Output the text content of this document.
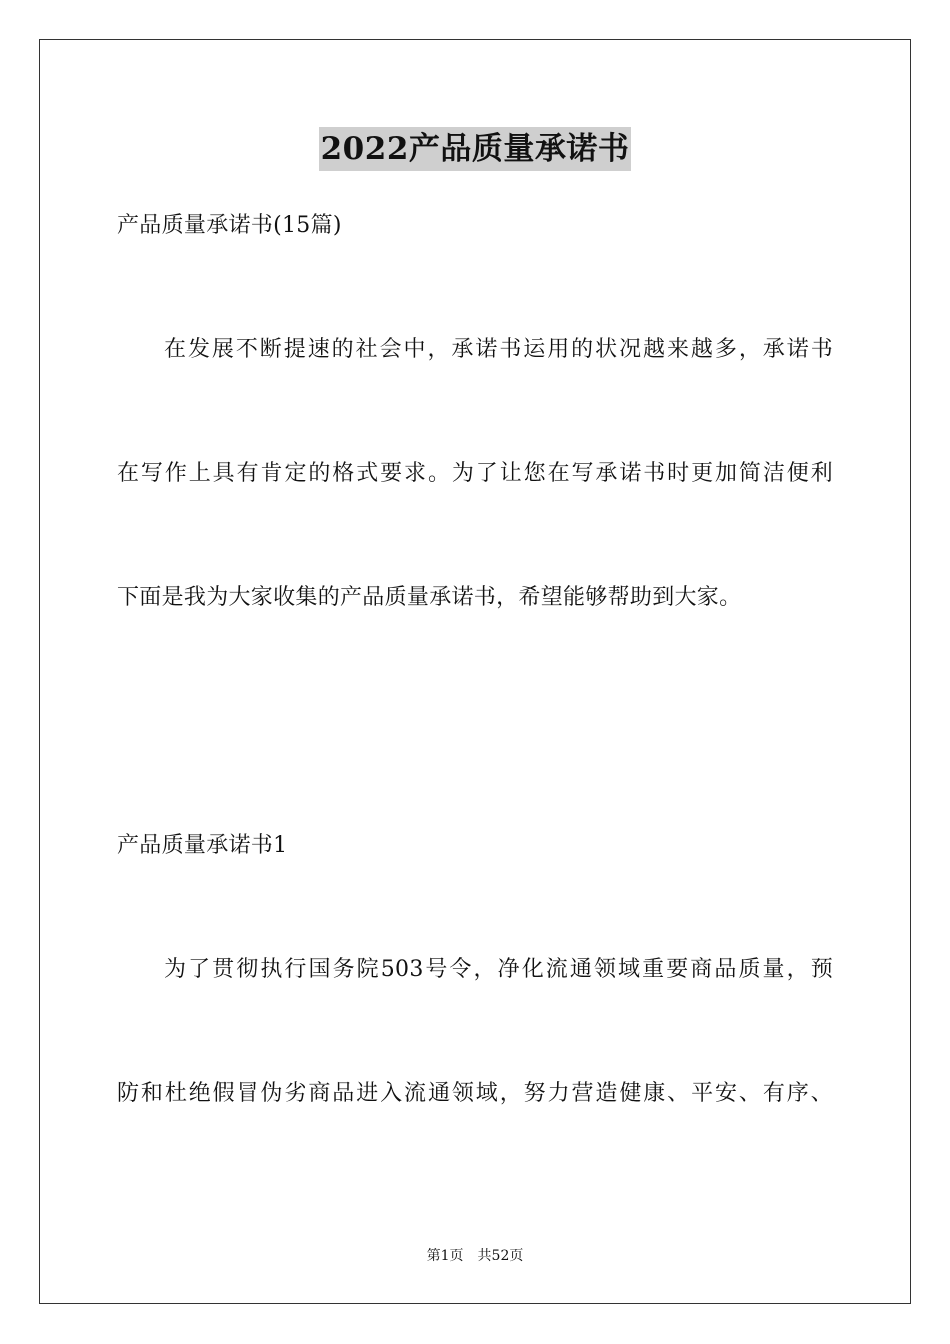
2022产品质量承诺书
产品质量承诺书(15篇)
在发展不断提速的社会中，承诺书运用的状况越来越多，承诺书
在写作上具有肯定的格式要求。为了让您在写承诺书时更加简洁便利
下面是我为大家收集的产品质量承诺书，希望能够帮助到大家。
产品质量承诺书1
为了贯彻执行国务院503号令，净化流通领域重要商品质量，预
防和杜绝假冒伪劣商品进入流通领域，努力营造健康、平安、有序、
第1页 共52页
